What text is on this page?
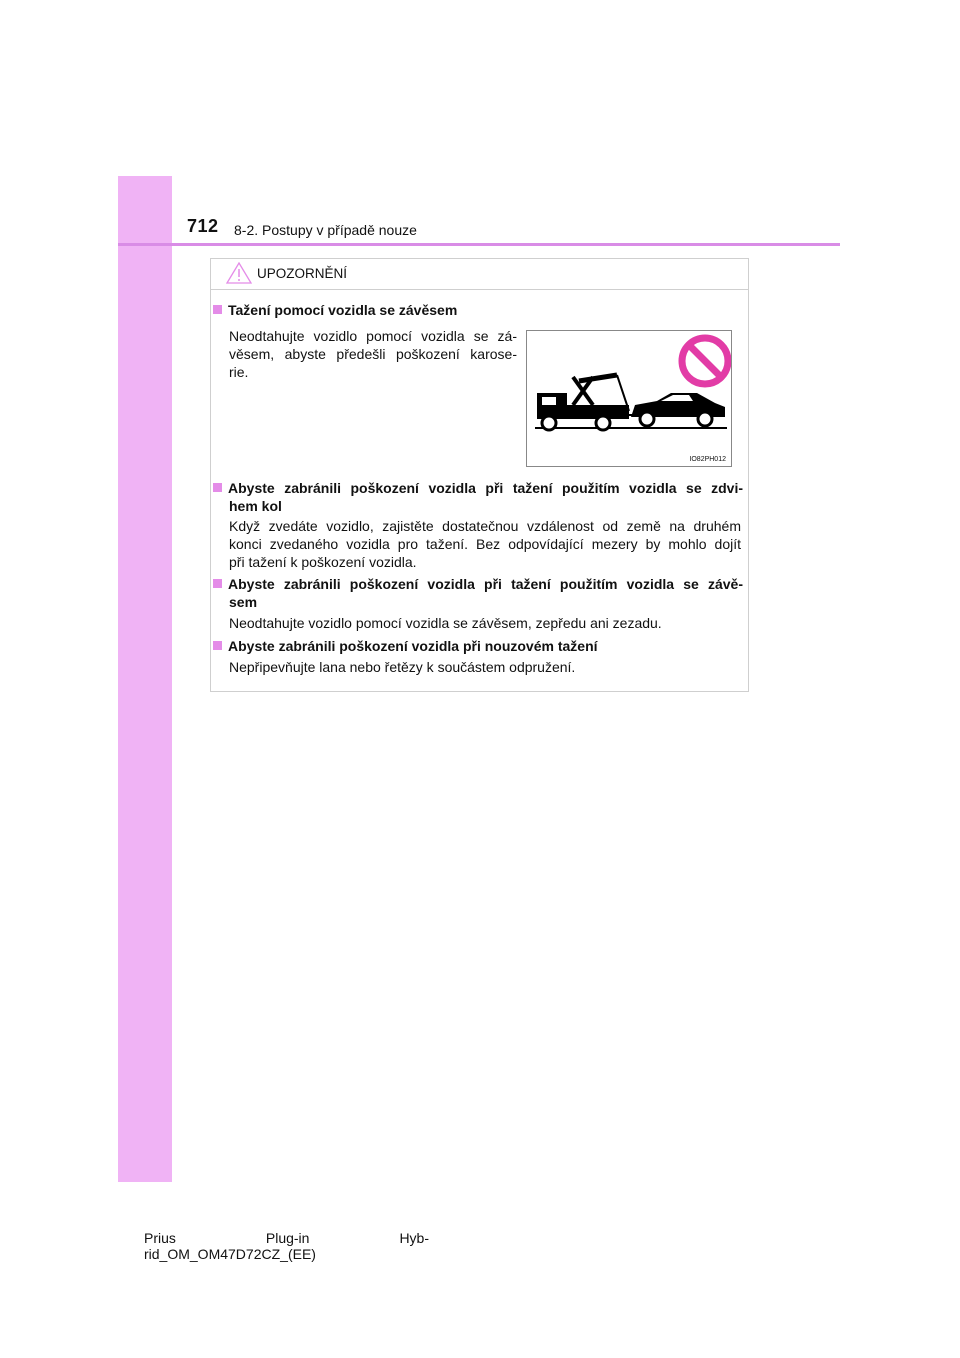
712 8-2. Postupy v případě nouze
UPOZORNĚNÍ
Tažení pomocí vozidla se závěsem
Neodtahujte vozidlo pomocí vozidla se zá-
věsem, abyste předešli poškození karose-
rie.
IO82PH012
Abyste zabránili poškození vozidla při tažení použitím vozidla se zdvi-
hem kol
Když zvedáte vozidlo, zajistěte dostatečnou vzdálenost od země na druhém
konci zvedaného vozidla pro tažení. Bez odpovídající mezery by mohlo dojít
při tažení k poškození vozidla.
Abyste zabránili poškození vozidla při tažení použitím vozidla se závě-
sem
Neodtahujte vozidlo pomocí vozidla se závěsem, zepředu ani zezadu.
Abyste zabránili poškození vozidla při nouzovém tažení
Nepřipevňujte lana nebo řetězy k součástem odpružení.
Prius	Plug-in	Hyb-
rid_OM_OM47D72CZ_(EE)
